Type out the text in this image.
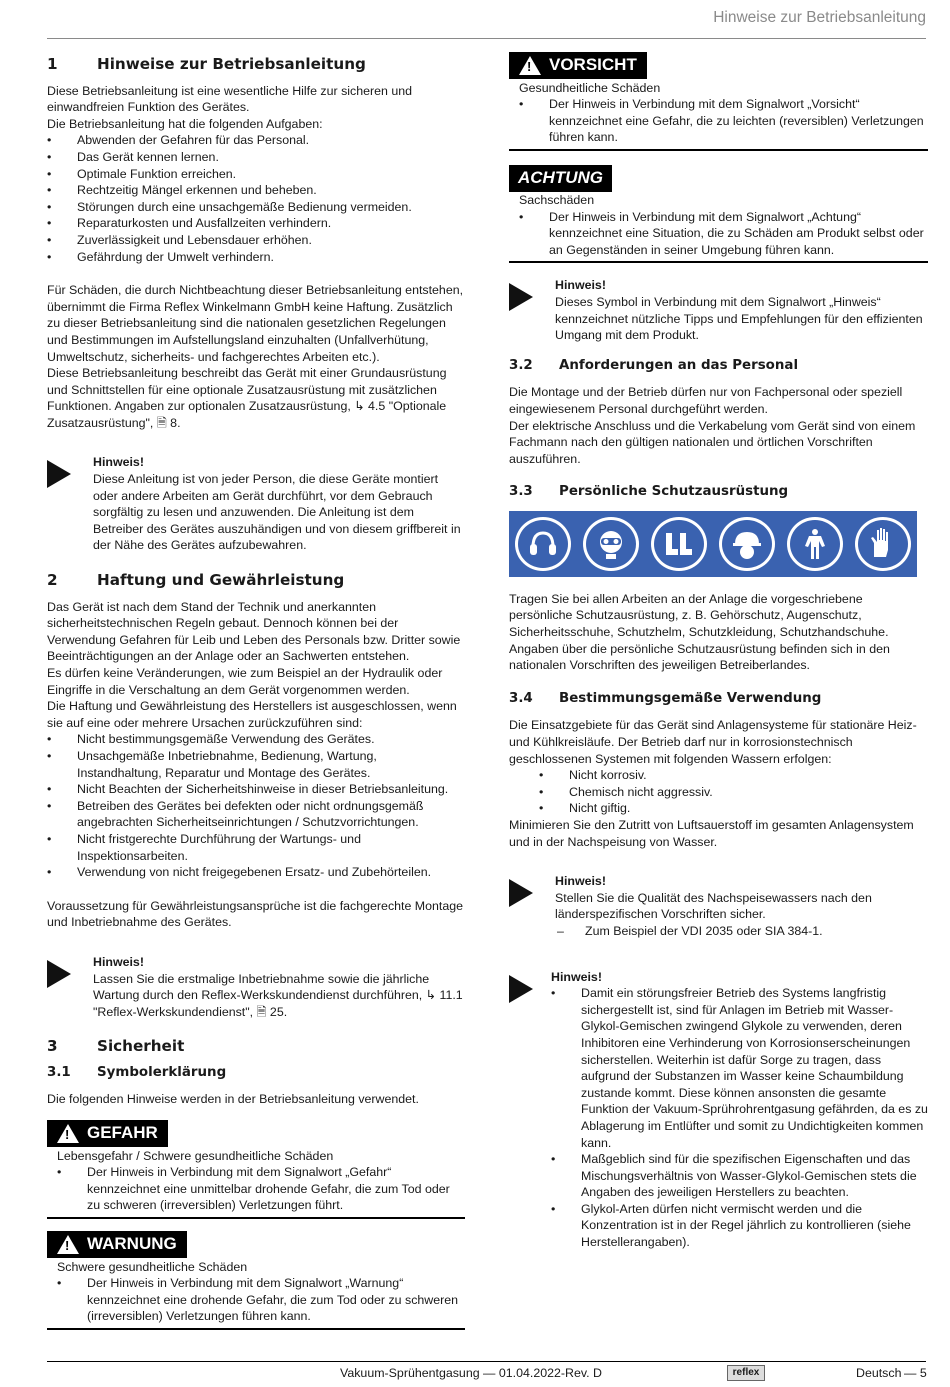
Hinweise zur Betriebsanleitung
1	Hinweise zur Betriebsanleitung

Diese Betriebsanleitung ist eine wesentliche Hilfe zur sicheren und einwandfreien Funktion des Gerätes.

Die Betriebsanleitung hat die folgenden Aufgaben:

• Abwenden der Gefahren für das Personal.
• Das Gerät kennen lernen.
• Optimale Funktion erreichen.
• Rechtzeitig Mängel erkennen und beheben.
• Störungen durch eine unsachgemäße Bedienung vermeiden.
• Reparaturkosten und Ausfallzeiten verhindern.
• Zuverlässigkeit und Lebensdauer erhöhen.
• Gefährdung der Umwelt verhindern.

Für Schäden, die durch Nichtbeachtung dieser Betriebsanleitung entstehen, übernimmt die Firma Reflex Winkelmann GmbH keine Haftung. Zusätzlich zu dieser Betriebsanleitung sind die nationalen gesetzlichen Regelungen und Bestimmungen im Aufstellungsland einzuhalten (Unfallverhütung, Umweltschutz, sicherheits- und fachgerechtes Arbeiten etc.).

Diese Betriebsanleitung beschreibt das Gerät mit einer Grundausrüstung und Schnittstellen für eine optionale Zusatzausrüstung mit zusätzlichen Funktionen. Angaben zur optionalen Zusatzausrüstung, ↳ 4.5 "Optionale Zusatzausrüstung", 🗎 8.

Hinweis!
Diese Anleitung ist von jeder Person, die diese Geräte montiert oder andere Arbeiten am Gerät durchführt, vor dem Gebrauch sorgfältig zu lesen und anzuwenden. Die Anleitung ist dem Betreiber des Gerätes auszuhändigen und von diesem griffbereit in der Nähe des Gerätes aufzubewahren.
2	Haftung und Gewährleistung

Das Gerät ist nach dem Stand der Technik und anerkannten sicherheitstechnischen Regeln gebaut. Dennoch können bei der Verwendung Gefahren für Leib und Leben des Personals bzw. Dritter sowie Beeinträchtigungen an der Anlage oder an Sachwerten entstehen.

Es dürfen keine Veränderungen, wie zum Beispiel an der Hydraulik oder Eingriffe in die Verschaltung an dem Gerät vorgenommen werden.

Die Haftung und Gewährleistung des Herstellers ist ausgeschlossen, wenn sie auf eine oder mehrere Ursachen zurückzuführen sind:

• Nicht bestimmungsgemäße Verwendung des Gerätes.
• Unsachgemäße Inbetriebnahme, Bedienung, Wartung, Instandhaltung, Reparatur und Montage des Gerätes.
• Nicht Beachten der Sicherheitshinweise in dieser Betriebsanleitung.
• Betreiben des Gerätes bei defekten oder nicht ordnungsgemäß angebrachten Sicherheitseinrichtungen / Schutzvorrichtungen.
• Nicht fristgerechte Durchführung der Wartungs- und Inspektionsarbeiten.
• Verwendung von nicht freigegebenen Ersatz- und Zubehörteilen.

Voraussetzung für Gewährleistungsansprüche ist die fachgerechte Montage und Inbetriebnahme des Gerätes.

Hinweis!
Lassen Sie die erstmalige Inbetriebnahme sowie die jährliche Wartung durch den Reflex-Werkskundendienst durchführen, ↳ 11.1 "Reflex-Werkskundendienst", 🗎 25.
3	Sicherheit
3.1	Symbolerklärung

Die folgenden Hinweise werden in der Betriebsanleitung verwendet.

!
GEFAHR
Lebensgefahr / Schwere gesundheitliche Schäden
• Der Hinweis in Verbindung mit dem Signalwort „Gefahr“ kennzeichnet eine unmittelbar drohende Gefahr, die zum Tod oder zu schweren (irreversiblen) Verletzungen führt.
!
WARNUNG
Schwere gesundheitliche Schäden
• Der Hinweis in Verbindung mit dem Signalwort „Warnung“ kennzeichnet eine drohende Gefahr, die zum Tod oder zu schweren (irreversiblen) Verletzungen führen kann.
!
VORSICHT
Gesundheitliche Schäden
• Der Hinweis in Verbindung mit dem Signalwort „Vorsicht“ kennzeichnet eine Gefahr, die zu leichten (reversiblen) Verletzungen führen kann.
ACHTUNG
Sachschäden
• Der Hinweis in Verbindung mit dem Signalwort „Achtung“ kennzeichnet eine Situation, die zu Schäden am Produkt selbst oder an Gegenständen in seiner Umgebung führen kann.
Hinweis!
Dieses Symbol in Verbindung mit dem Signalwort „Hinweis“ kennzeichnet nützliche Tipps und Empfehlungen für den effizienten Umgang mit dem Produkt.
3.2	Anforderungen an das Personal

Die Montage und der Betrieb dürfen nur von Fachpersonal oder speziell eingewiesenem Personal durchgeführt werden.

Der elektrische Anschluss und die Verkabelung vom Gerät sind von einem Fachmann nach den gültigen nationalen und örtlichen Vorschriften auszuführen.

3.3	Persönliche Schutzausrüstung

Tragen Sie bei allen Arbeiten an der Anlage die vorgeschriebene persönliche Schutzausrüstung, z. B. Gehörschutz, Augenschutz, Sicherheitsschuhe, Schutzhelm, Schutzkleidung, Schutzhandschuhe.

Angaben über die persönliche Schutzausrüstung befinden sich in den nationalen Vorschriften des jeweiligen Betreiberlandes.

3.4	Bestimmungsgemäße Verwendung

Die Einsatzgebiete für das Gerät sind Anlagensysteme für stationäre Heiz- und Kühlkreisläufe. Der Betrieb darf nur in korrosionstechnisch geschlossenen Systemen mit folgenden Wassern erfolgen:

• Nicht korrosiv.
• Chemisch nicht aggressiv.
• Nicht giftig.

Minimieren Sie den Zutritt von Luftsauerstoff im gesamten Anlagensystem und in der Nachspeisung von Wasser.

Hinweis!
Stellen Sie die Qualität des Nachspeisewassers nach den länderspezifischen Vorschriften sicher.
–	Zum Beispiel der VDI 2035 oder SIA 384-1.
Hinweis!
• Damit ein störungsfreier Betrieb des Systems langfristig sichergestellt ist, sind für Anlagen im Betrieb mit Wasser-Glykol-Gemischen zwingend Glykole zu verwenden, deren Inhibitoren eine Verhinderung von Korrosionserscheinungen sicherstellen. Weiterhin ist dafür Sorge zu tragen, dass aufgrund der Substanzen im Wasser keine Schaumbildung zustande kommt. Diese können ansonsten die gesamte Funktion der Vakuum-Sprührohrentgasung gefährden, da es zu Ablagerung im Entlüfter und somit zu Undichtigkeiten kommen kann.
• Maßgeblich sind für die spezifischen Eigenschaften und das Mischungsverhältnis von Wasser-Glykol-Gemischen stets die Angaben des jeweiligen Herstellers zu beachten.
• Glykol-Arten dürfen nicht vermischt werden und die Konzentration ist in der Regel jährlich zu kontrollieren (siehe Herstellerangaben).
Vakuum-Sprühentgasung — 01.04.2022-Rev. D	reflex	Deutsch — 5
